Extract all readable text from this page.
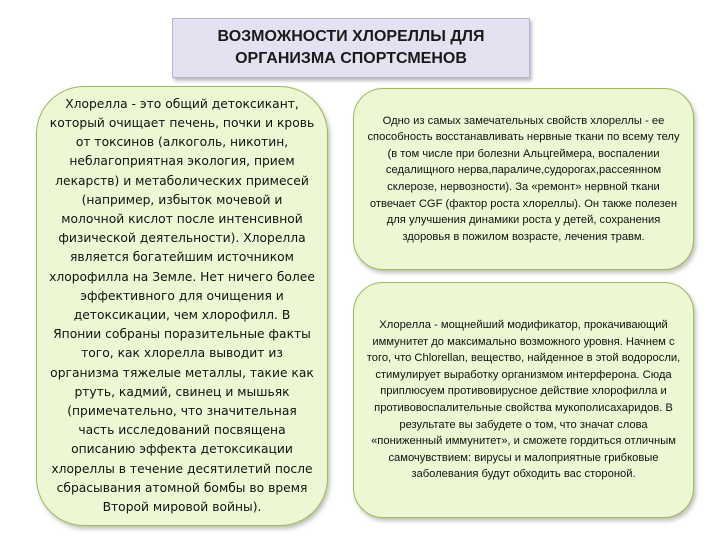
ВОЗМОЖНОСТИ ХЛОРЕЛЛЫ ДЛЯ
ОРГАНИЗМА СПОРТСМЕНОВ

Хлорелла - это общий детоксикант, который очищает печень, почки и кровь от токсинов (алкоголь, никотин, неблагоприятная экология, прием лекарств) и метаболических примесей (например, избыток мочевой и молочной кислот после интенсивной физической деятельности). Хлорелла является богатейшим источником хлорофилла на Земле. Нет ничего более эффективного для очищения и детоксикации, чем хлорофилл. В Японии собраны поразительные факты того, как хлорелла выводит из организма тяжелые металлы, такие как ртуть, кадмий, свинец и мышьяк (примечательно, что значительная часть исследований посвящена описанию эффекта детоксикации хлореллы в течение десятилетий после сбрасывания атомной бомбы во время Второй мировой войны).

Одно из самых замечательных свойств хлореллы - ее способность восстанавливать нервные ткани по всему телу (в том числе при болезни Альцгеймера, воспалении седалищного нерва,параличе,судорогах,рассеянном склерозе, нервозности). За «ремонт» нервной ткани отвечает CGF (фактор роста хлореллы). Он также полезен для улучшения динамики роста у детей, сохранения здоровья в пожилом возрасте, лечения травм.

Хлорелла - мощнейший модификатор, прокачивающий иммунитет до максимально возможного уровня. Начнем с того, что Chlorellan, вещество, найденное в этой водоросли, стимулирует выработку организмом интерферона. Сюда приплюсуем противовирусное действие хлорофилла и противовоспалительные свойства мукополисахаридов. В результате вы забудете о том, что значат слова «пониженный иммунитет», и сможете гордиться отличным самочувствием: вирусы и малоприятные грибковые заболевания будут обходить вас стороной.
